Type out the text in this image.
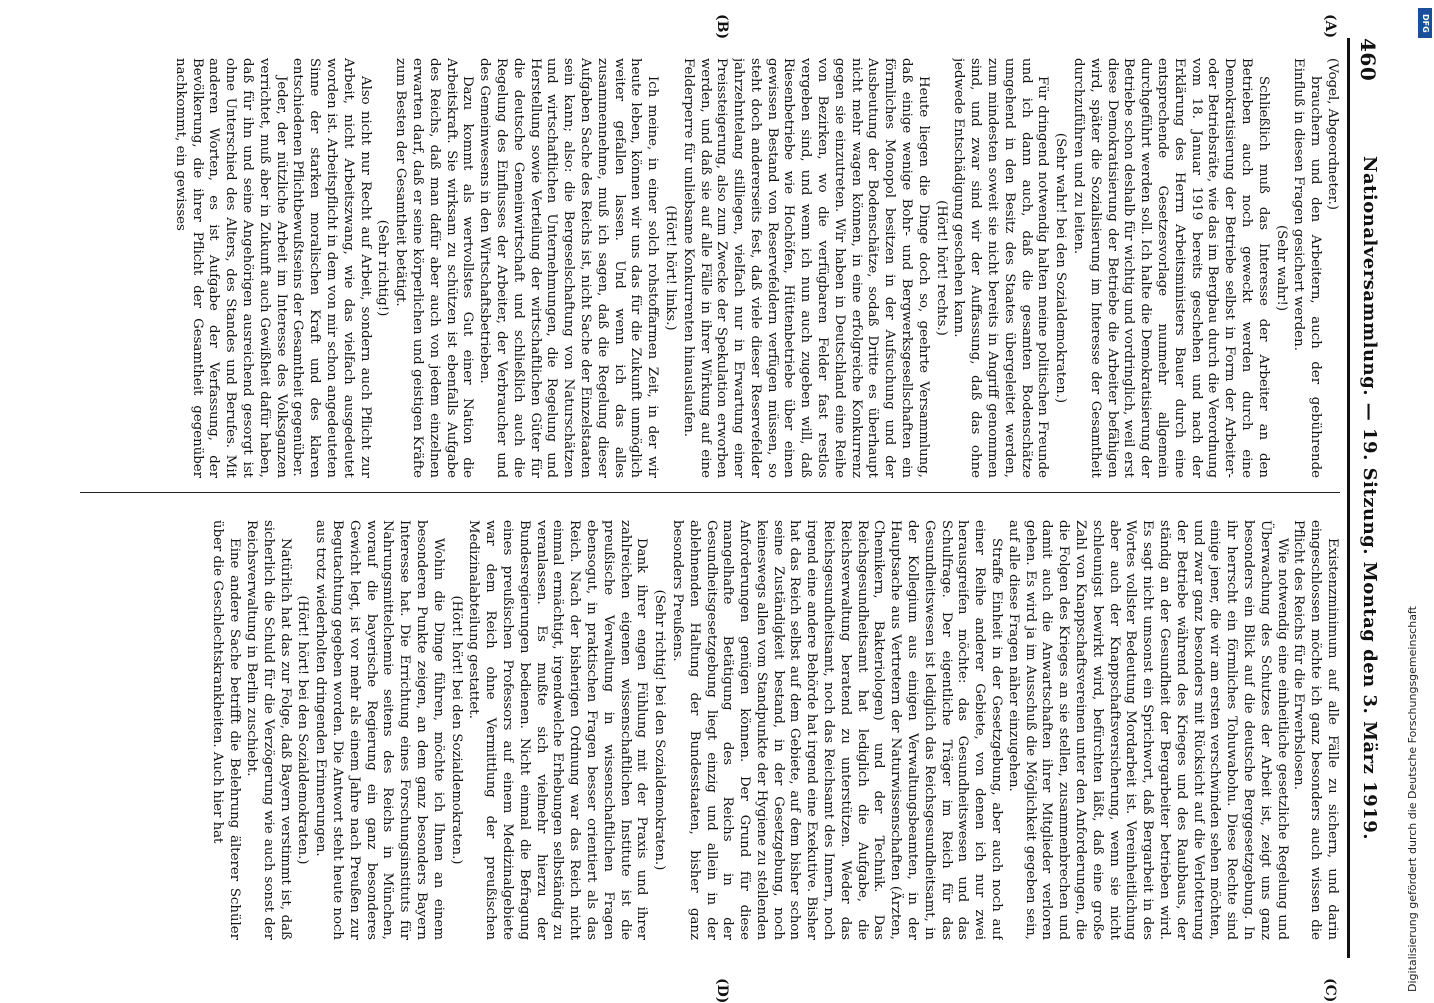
460
Nationalversammlung. — 19. Sitzung. Montag den 3. März 1919.
(A)
(B)
(C)
(D)

(Vogel, Abgeordneter.)

brauchern und den Arbeitern, auch der gebührende Einfluß in diesen Fragen gesichert werden.

(Sehr wahr!)

Schließlich muß das Interesse der Arbeiter an den Betrieben auch noch geweckt werden durch eine Demokratisierung der Betriebe selbst in Form der Arbeiter- oder Betriebsräte, wie das im Bergbau durch die Verordnung vom 18. Januar 1919 bereits geschehen und nach der Erklärung des Herrn Arbeitsministers Bauer durch eine entsprechende Gesetzesvorlage nunmehr allgemein durchgeführt werden soll. Ich halte die Demokratisierung der Betriebe schon deshalb für wichtig und vordringlich, weil erst diese Demokratisierung der Betriebe die Arbeiter befähigen wird, später die Sozialisierung im Interesse der Gesamtheit durchzuführen und zu leiten.

(Sehr wahr! bei den Sozialdemokraten.)

Für dringend notwendig halten meine politischen Freunde und ich dann auch, daß die gesamten Bodenschätze umgehend in den Besitz des Staates übergeleitet werden, zum mindesten soweit sie nicht bereits in Angriff genommen sind, und zwar sind wir der Auffassung, daß das ohne jedwede Entschädigung geschehen kann.

(Hört! hört! rechts.)

Heute liegen die Dinge doch so, geehrte Versammlung, daß einige wenige Bohr- und Bergwerksgesellschaften ein förmliches Monopol besitzen in der Aufsuchung und der Ausbeutung der Bodenschätze, sodaß Dritte es überhaupt nicht mehr wagen können, in eine erfolgreiche Konkurrenz gegen sie einzutreten. Wir haben in Deutschland eine Reihe von Bezirken, wo die verfügbaren Felder fast restlos vergeben sind, und wenn ich nun auch zugeben will, daß Riesenbetriebe wie Hochöfen, Hüttenbetriebe über einen gewissen Bestand von Reservefeldern verfügen müssen, so steht doch andererseits fest, daß viele dieser Reservefelder jahrzehntelang stilliegen, vielfach nur in Erwartung einer Preissteigerung, also zum Zwecke der Spekulation erworben werden, und daß sie auf alle Fälle in ihrer Wirkung auf eine Felderperre für unliebsame Konkurrenten hinauslaufen.

(Hört! hört! links.)

Ich meine, in einer solch rohstoffarmen Zeit, in der wir heute leben, können wir uns das für die Zukunft unmöglich weiter gefallen lassen. Und wenn ich das alles zusammennehme, muß ich sagen, daß die Regelung dieser Aufgaben Sache des Reichs ist, nicht Sache der Einzelstaaten sein kann; also: die Bergeselschaftung von Naturschätzen und wirtschaftlichen Unternehmungen, die Regelung und Herstellung sowie Verteilung der wirtschaftlichen Güter für die deutsche Gemeinwirtschaft und schließlich auch die Regelung des Einflusses der Arbeiter, der Verbraucher und des Gemeinwesens in den Wirtschaftsbetrieben.

Dazu kommt als wertvollstes Gut einer Nation die Arbeitskraft. Sie wirksam zu schützen ist ebenfalls Aufgabe des Reichs, daß man dafür aber auch von jedem einzelnen erwarten darf, daß er seine körperlichen und geistigen Kräfte zum Besten der Gesamtheit betätigt.

(Sehr richtig!)

Also nicht nur Recht auf Arbeit, sondern auch Pflicht zur Arbeit, nicht Arbeitszwang, wie das vielfach ausgedeutet worden ist. Arbeitspflicht in dem von mir schon angedeuteten Sinne der starken moralischen Kraft und des klaren entschiedenen Pflichtbewußtseins der Gesamtheit gegenüber.

Jeder, der nützliche Arbeit im Interesse des Volksganzen verrichtet, muß aber in Zukunft auch Gewißheit dafür haben, daß für ihn und seine Angehörigen ausreichend gesorgt ist ohne Unterschied des Alters, des Standes und Berufes. Mit anderen Worten, es ist Aufgabe der Verfassung, der Bevölkerung, die ihrer Pflicht der Gesamtheit gegenüber nachkommt, ein gewisses

Existenzminimum auf alle Fälle zu sichern, und darin eingeschlossen möchte ich ganz besonders auch wissen die Pflicht des Reichs für die Erwerbslosen.

Wie notwendig eine einheitliche gesetzliche Regelung und Überwachung des Schutzes der Arbeit ist, zeigt uns ganz besonders ein Blick auf die deutsche Berggesetzgebung. In ihr herrscht ein förmliches Tohuwabohu. Diese Rechte sind einige jener, die wir am ersten verschwinden sehen möchten, und zwar ganz besonders mit Rücksicht auf die Verlotterung der Betriebe während des Krieges und des Raubbaus, der ständig an der Gesundheit der Bergarbeiter betrieben wird. Es sagt nicht umsonst ein Sprichwort, daß Bergarbeit in des Wortes vollster Bedeutung Mordarbeit ist. Vereinheitlichung aber auch der Knappschaftsversicherung, wenn sie nicht schleunigst bewirkt wird, befürchten läßt, daß eine große Zahl von Knappschaftsvereinen unter den Anforderungen, die die Folgen des Krieges an sie stellen, zusammenbrechen und damit auch die Anwartschaften ihrer Mitglieder verloren gehen. Es wird ja im Ausschuß die Möglichkeit gegeben sein, auf alle diese Fragen näher einzugehen.

Straffe Einheit in der Gesetzgebung, aber auch noch auf einer Reihe anderer Gebiete, von denen ich nur zwei herausgreifen möchte: das Gesundheitswesen und das Schulfrage. Der eigentliche Träger im Reich für das Gesundheitswesen ist lediglich das Reichsgesundheitsamt, in der Kollegium aus einigen Verwaltungsbeamten, in der Hauptsache aus Vertretern der Naturwissenschaften (Ärzten, Chemikern, Bakteriologen) und der Technik. Das Reichsgesundheitsamt hat lediglich die Aufgabe, die Reichsverwaltung beratend zu unterstützen. Weder das Reichsgesundheitsamt, noch das Reichsamt des Innern, noch irgend eine andere Behörde hat irgend eine Exekutive. Bisher hat das Reich selbst auf dem Gebiete, auf dem bisher schon seine Zuständigkeit bestand, in der Gesetzgebung, noch keineswegs allen vom Standpunkte der Hygiene zu stellenden Anforderungen genügen können. Der Grund für diese mangelhafte Betätigung des Reichs in der Gesundheitsgesetzgebung liegt einzig und allein in der ablehnenden Haltung der Bundesstaaten, bisher ganz besonders Preußens.

(Sehr richtig! bei den Sozialdemokraten.)

Dank ihrer engen Fühlung mit der Praxis und ihrer zahlreichen eigenen wissenschaftlichen Institute ist die preußische Verwaltung in wissenschaftlichen Fragen ebensogut, in praktischen Fragen besser orientiert als das Reich. Nach der bisherigen Ordnung war das Reich nicht einmal ermächtigt, irgendwelche Erhebungen selbständig zu veranlassen. Es mußte sich vielmehr hierzu der Bundesregierungen bedienen. Nicht einmal die Befragung eines preußischen Professors auf einem Medizinalgebiete war dem Reich ohne Vermittlung der preußischen Medizinalabteilung gestattet.

(Hört! hört! bei den Sozialdemokraten.)

Wohin die Dinge führen, möchte ich Ihnen an einem besonderen Punkte zeigen, an dem ganz besonders Bayern Interesse hat. Die Errichtung eines Forschungsinstituts für Nahrungsmittelchemie seitens des Reichs in München, worauf die bayerische Regierung ein ganz besonderes Gewicht legt, ist vor mehr als einem Jahre nach Preußen zur Begutachtung gegeben worden. Die Antwort steht heute noch aus trotz wiederholten dringenden Erinnerungen.

(Hört! hört! bei den Sozialdemokraten.)

Natürlich hat das zur Folge, daß Bayern verstimmt ist, daß sicherlich die Schuld für die Verzögerung wie auch sonst der Reichsverwaltung in Berlin zuschiebt.

Eine andere Sache betrifft die Belehrung älterer Schüler über die Geschlechtskrankheiten. Auch hier hat	Digitalisierung gefördert durch die Deutsche Forschungsgemeinschaft
DFG
